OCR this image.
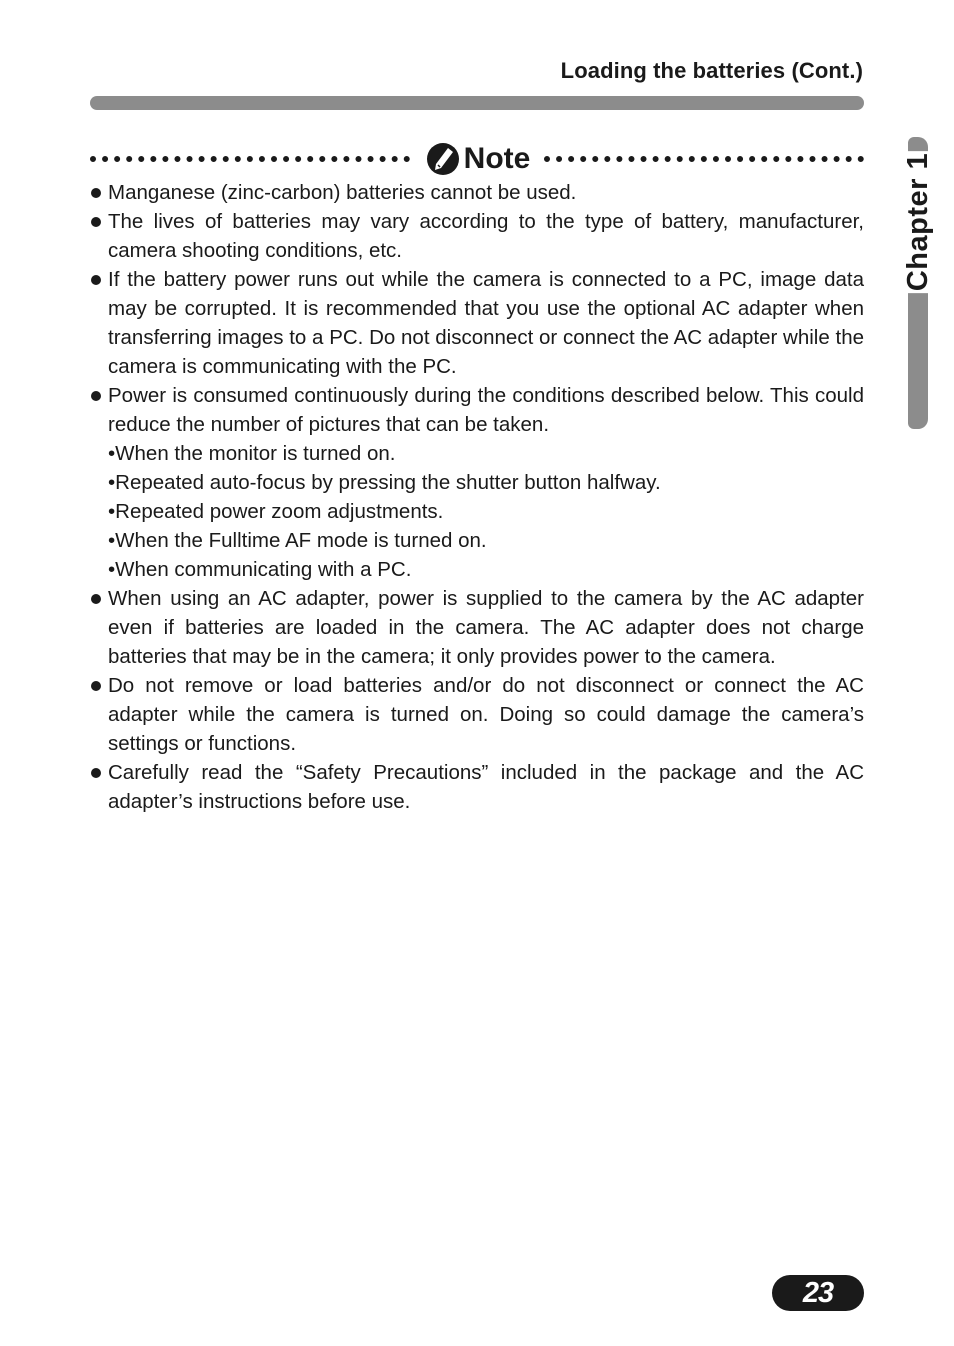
Loading the batteries (Cont.)
Chapter 1
Note
Manganese (zinc-carbon) batteries cannot be used.
The lives of batteries may vary according to the type of battery, manufacturer, camera shooting conditions, etc.
If the battery power runs out while the camera is connected to a PC, image data may be corrupted. It is recommended that you use the optional AC adapter when transferring images to a PC. Do not disconnect or connect the AC adapter while the camera is communicating with the PC.
Power is consumed continuously during the conditions described below. This could reduce the number of pictures that can be taken.
•When the monitor is turned on.
•Repeated auto-focus by pressing the shutter button halfway.
•Repeated power zoom adjustments.
•When the Fulltime AF mode is turned on.
•When communicating with a PC.
When using an AC adapter, power is supplied to the camera by the AC adapter even if batteries are loaded in the camera. The AC adapter does not charge batteries that may be in the camera; it only provides power to the camera.
Do not remove or load batteries and/or do not disconnect or connect the AC adapter while the camera is turned on. Doing so could damage the camera’s settings or functions.
Carefully read the “Safety Precautions” included in the package and the AC adapter’s instructions before use.
23
